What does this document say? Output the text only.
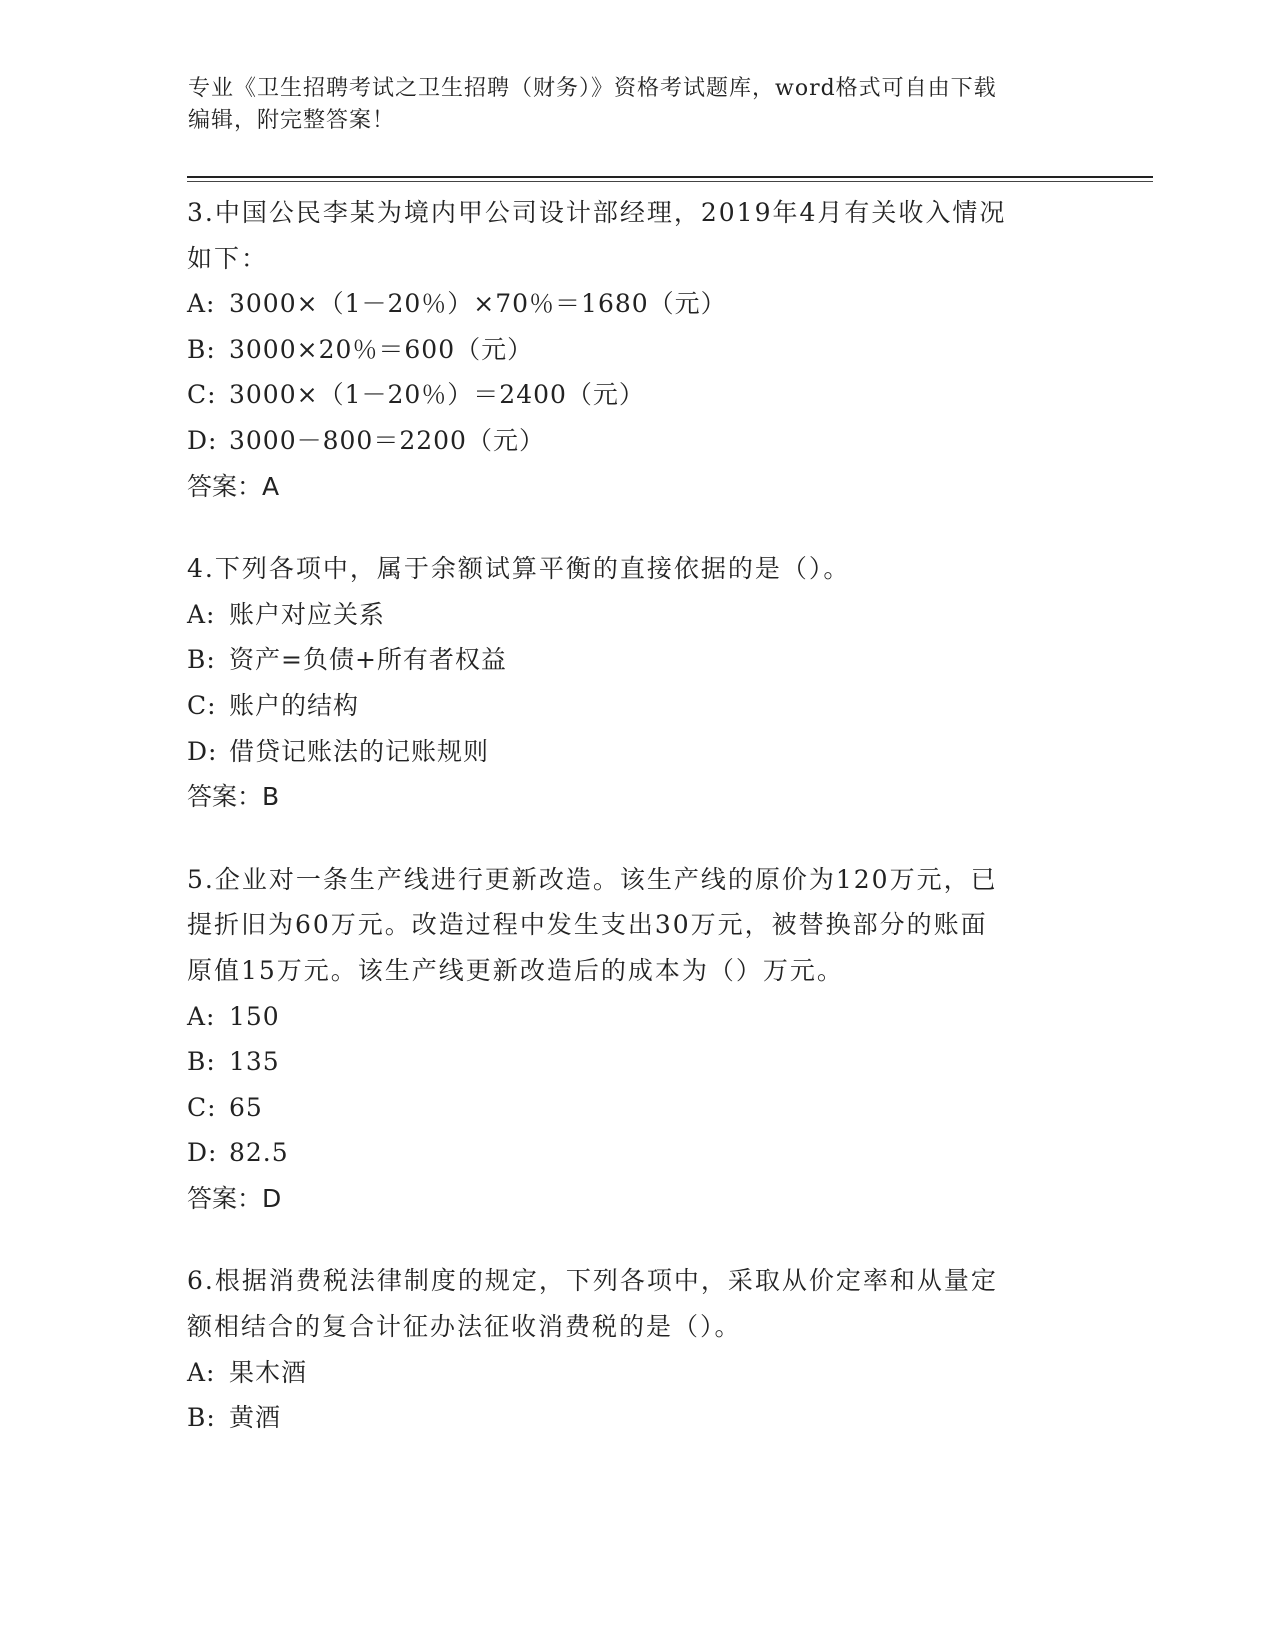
专业《卫生招聘考试之卫生招聘（财务）》资格考试题库，word格式可自由下载
编辑，附完整答案！

3.中国公民李某为境内甲公司设计部经理，2019年4月有关收入情况

如下：

A: 3000×（1－20％）×70％＝1680（元）

B: 3000×20％＝600（元）

C: 3000×（1－20％）＝2400（元）

D: 3000－800＝2200（元）

答案：A

4.下列各项中，属于余额试算平衡的直接依据的是（）。

A: 账户对应关系

B: 资产=负债+所有者权益

C: 账户的结构

D: 借贷记账法的记账规则

答案：B

5.企业对一条生产线进行更新改造。该生产线的原价为120万元，已

提折旧为60万元。改造过程中发生支出30万元，被替换部分的账面

原值15万元。该生产线更新改造后的成本为（）万元。

A: 150

B: 135

C: 65

D: 82.5

答案：D

6.根据消费税法律制度的规定，下列各项中，采取从价定率和从量定

额相结合的复合计征办法征收消费税的是（）。

A: 果木酒

B: 黄酒
